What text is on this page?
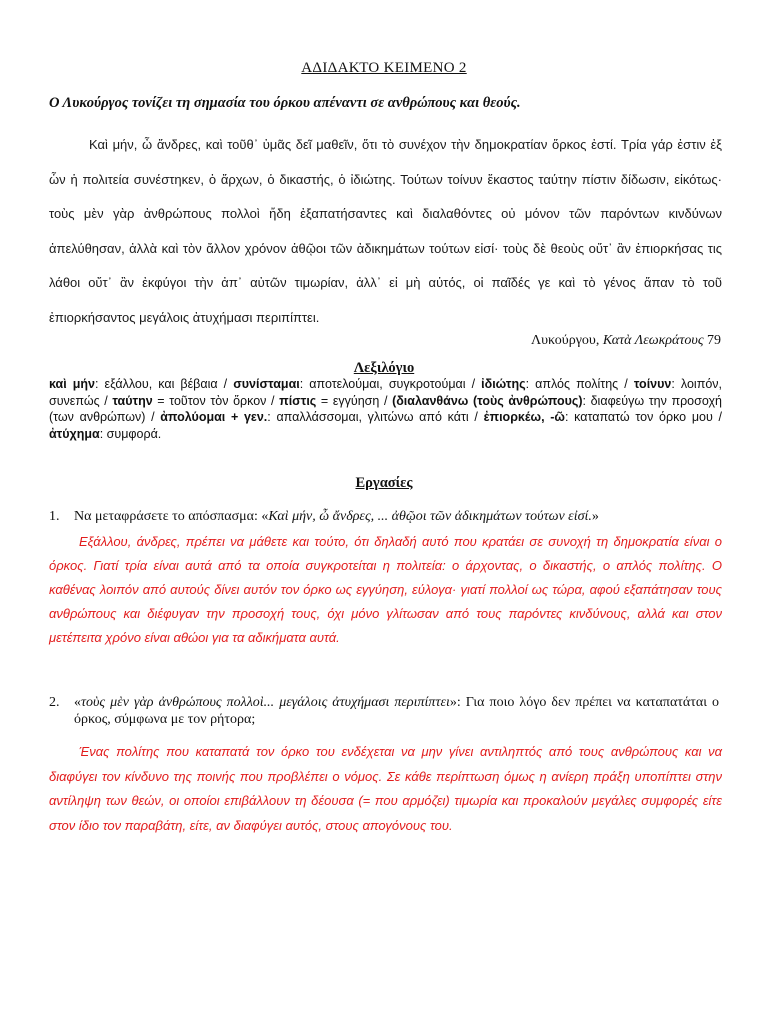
ΑΔΙΔΑΚΤΟ ΚΕΙΜΕΝΟ 2
Ο Λυκούργος τονίζει τη σημασία του όρκου απέναντι σε ανθρώπους και θεούς.
Καὶ μήν, ὦ ἄνδρες, καὶ τοῦθ᾽ ὑμᾶς δεῖ μαθεῖν, ὅτι τὸ συνέχον τὴν δημοκρατίαν ὅρκος ἐστί. Τρία γάρ ἐστιν ἐξ ὧν ἡ πολιτεία συνέστηκεν, ὁ ἄρχων, ὁ δικαστής, ὁ ἰδιώτης. Τούτων τοίνυν ἕκαστος ταύτην πίστιν δίδωσιν, εἰκότως· τοὺς μὲν γὰρ ἀνθρώπους πολλοὶ ἤδη ἐξαπατήσαντες καὶ διαλαθόντες οὐ μόνον τῶν παρόντων κινδύνων ἀπελύθησαν, ἀλλὰ καὶ τὸν ἄλλον χρόνον ἀθῷοι τῶν ἀδικημάτων τούτων εἰσί· τοὺς δὲ θεοὺς οὔτ᾽ ἂν ἐπιορκήσας τις λάθοι οὔτ᾽ ἂν ἐκφύγοι τὴν ἀπ᾽ αὐτῶν τιμωρίαν, ἀλλ᾽ εἰ μὴ αὐτός, οἱ παῖδές γε καὶ τὸ γένος ἅπαν τὸ τοῦ ἐπιορκήσαντος μεγάλοις ἀτυχήμασι περιπίπτει.
Λυκούργου, Κατὰ Λεωκράτους 79
Λεξιλόγιο
καὶ μήν: εξάλλου, και βέβαια / συνίσταμαι: αποτελούμαι, συγκροτούμαι / ἰδιώτης: απλός πολίτης / τοίνυν: λοιπόν, συνεπώς / ταύτην = τοῦτον τὸν ὅρκον / πίστις = εγγύηση / (διαλανθάνω (τοὺς ἀνθρώπους): διαφεύγω την προσοχή (των ανθρώπων) / ἀπολύομαι + γεν.: απαλλάσσομαι, γλιτώνω από κάτι / ἐπιορκέω, -ῶ: καταπατώ τον όρκο μου / ἀτύχημα: συμφορά.
Εργασίες
1. Να μεταφράσετε το απόσπασμα: «Καὶ μήν, ὦ ἄνδρες, ... ἀθῷοι τῶν ἀδικημάτων τούτων εἰσί.»
Εξάλλου, άνδρες, πρέπει να μάθετε και τούτο, ότι δηλαδή αυτό που κρατάει σε συνοχή τη δημοκρατία είναι ο όρκος. Γιατί τρία είναι αυτά από τα οποία συγκροτείται η πολιτεία: ο άρχοντας, ο δικαστής, ο απλός πολίτης. Ο καθένας λοιπόν από αυτούς δίνει αυτόν τον όρκο ως εγγύηση, εύλογα· γιατί πολλοί ως τώρα, αφού εξαπάτησαν τους ανθρώπους και διέφυγαν την προσοχή τους, όχι μόνο γλίτωσαν από τους παρόντες κινδύνους, αλλά και στον μετέπειτα χρόνο είναι αθώοι για τα αδικήματα αυτά.
2. «τοὺς μὲν γὰρ ἀνθρώπους πολλοὶ... μεγάλοις ἀτυχήμασι περιπίπτει»: Για ποιο λόγο δεν πρέπει να καταπατάται ο όρκος, σύμφωνα με τον ρήτορα;
Ένας πολίτης που καταπατά τον όρκο του ενδέχεται να μην γίνει αντιληπτός από τους ανθρώπους και να διαφύγει τον κίνδυνο της ποινής που προβλέπει ο νόμος. Σε κάθε περίπτωση όμως η ανίερη πράξη υποπίπτει στην αντίληψη των θεών, οι οποίοι επιβάλλουν τη δέουσα (= που αρμόζει) τιμωρία και προκαλούν μεγάλες συμφορές είτε στον ίδιο τον παραβάτη, είτε, αν διαφύγει αυτός, στους απογόνους του.
